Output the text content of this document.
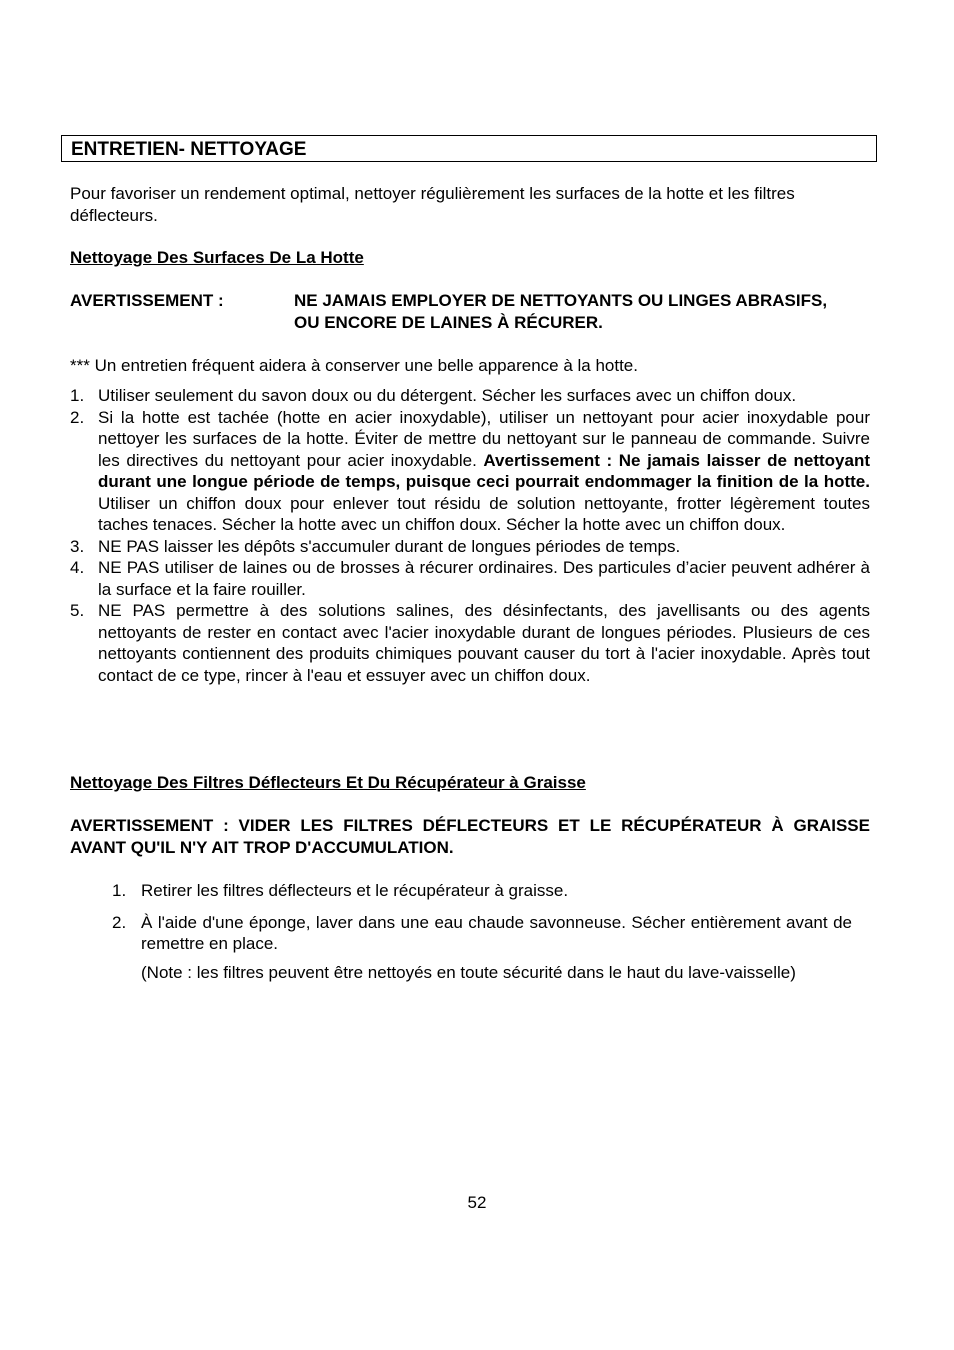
ENTRETIEN- NETTOYAGE
Pour favoriser un rendement optimal, nettoyer régulièrement les surfaces de la hotte et les filtres déflecteurs.
Nettoyage Des Surfaces De La Hotte
AVERTISSEMENT :	NE JAMAIS EMPLOYER DE NETTOYANTS OU LINGES ABRASIFS, OU ENCORE DE LAINES À RÉCURER.
*** Un entretien fréquent aidera à conserver une belle apparence à la hotte.
1. Utiliser seulement du savon doux ou du détergent. Sécher les surfaces avec un chiffon doux.
2. Si la hotte est tachée (hotte en acier inoxydable), utiliser un nettoyant pour acier inoxydable pour nettoyer les surfaces de la hotte. Éviter de mettre du nettoyant sur le panneau de commande. Suivre les directives du nettoyant pour acier inoxydable. Avertissement : Ne jamais laisser de nettoyant durant une longue période de temps, puisque ceci pourrait endommager la finition de la hotte. Utiliser un chiffon doux pour enlever tout résidu de solution nettoyante, frotter légèrement toutes taches tenaces. Sécher la hotte avec un chiffon doux. Sécher la hotte avec un chiffon doux.
3. NE PAS laisser les dépôts s'accumuler durant de longues périodes de temps.
4. NE PAS utiliser de laines ou de brosses à récurer ordinaires. Des particules d’acier peuvent adhérer à la surface et la faire rouiller.
5. NE PAS permettre à des solutions salines, des désinfectants, des javellisants ou des agents nettoyants de rester en contact avec l'acier inoxydable durant de longues périodes. Plusieurs de ces nettoyants contiennent des produits chimiques pouvant causer du tort à l'acier inoxydable. Après tout contact de ce type, rincer à l'eau et essuyer avec un chiffon doux.
Nettoyage Des Filtres Déflecteurs Et Du Récupérateur à Graisse
AVERTISSEMENT : VIDER LES FILTRES DÉFLECTEURS ET LE RÉCUPÉRATEUR À GRAISSE AVANT QU'IL N'Y AIT TROP D'ACCUMULATION.
1. Retirer les filtres déflecteurs et le récupérateur à graisse.
2. À l'aide d'une éponge, laver dans une eau chaude savonneuse. Sécher entièrement avant de remettre en place.
(Note : les filtres peuvent être nettoyés en toute sécurité dans le haut du lave-vaisselle)
52
